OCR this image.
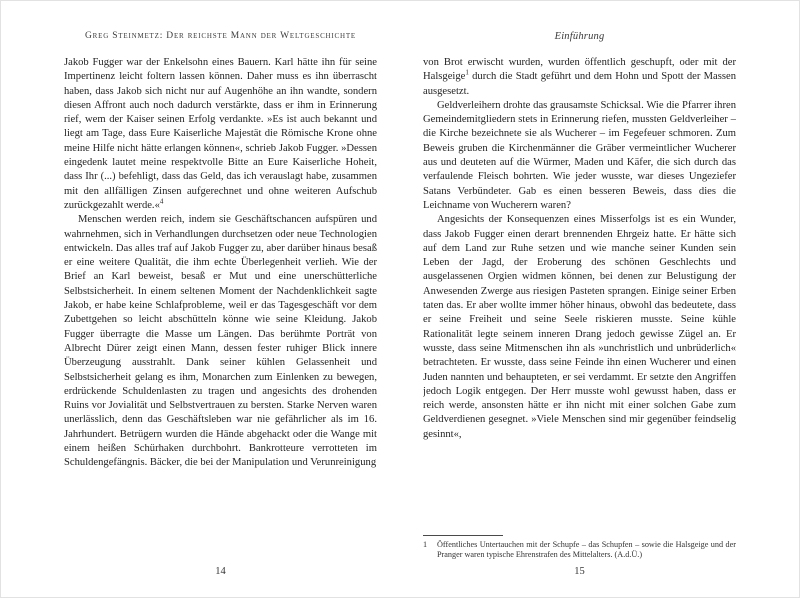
Greg Steinmetz: Der reichste Mann der Weltgeschichte

Jakob Fugger war der Enkelsohn eines Bauern. Karl hätte ihn für seine Impertinenz leicht foltern lassen können. Daher muss es ihn überrascht haben, dass Jakob sich nicht nur auf Augenhöhe an ihn wandte, sondern diesen Affront auch noch dadurch verstärkte, dass er ihm in Erinnerung rief, wem der Kaiser seinen Erfolg verdankte. »Es ist auch bekannt und liegt am Tage, dass Eure Kaiserliche Majestät die Römische Krone ohne meine Hilfe nicht hätte erlangen können«, schrieb Jakob Fugger. »Dessen eingedenk lautet meine respektvolle Bitte an Eure Kaiserliche Hoheit, dass Ihr (...) befehligt, dass das Geld, das ich verauslagt habe, zusammen mit den allfälligen Zinsen aufgerechnet und ohne weiteren Aufschub zurückgezahlt werde.«$^4$

Menschen werden reich, indem sie Geschäftschancen aufspüren und wahrnehmen, sich in Verhandlungen durchsetzen oder neue Technologien entwickeln. Das alles traf auf Jakob Fugger zu, aber darüber hinaus besaß er eine weitere Qualität, die ihm echte Überlegenheit verlieh. Wie der Brief an Karl beweist, besaß er Mut und eine unerschütterliche Selbstsicherheit. In einem seltenen Moment der Nachdenklichkeit sagte Jakob, er habe keine Schlafprobleme, weil er das Tagesgeschäft vor dem Zubettgehen so leicht abschütteln könne wie seine Kleidung. Jakob Fugger überragte die Masse um Längen. Das berühmte Porträt von Albrecht Dürer zeigt einen Mann, dessen fester ruhiger Blick innere Überzeugung ausstrahlt. Dank seiner kühlen Gelassenheit und Selbstsicherheit gelang es ihm, Monarchen zum Einlenken zu bewegen, erdrückende Schuldenlasten zu tragen und angesichts des drohenden Ruins vor Jovialität und Selbstvertrauen zu bersten. Starke Nerven waren unerlässlich, denn das Geschäftsleben war nie gefährlicher als im 16. Jahrhundert. Betrügern wurden die Hände abgehackt oder die Wange mit einem heißen Schürhaken durchbohrt. Bankrotteure verrotteten im Schuldengefängnis. Bäcker, die bei der Manipulation und Verunreinigung

14
Einführung

von Brot erwischt wurden, wurden öffentlich geschupft, oder mit der Halsgeige$^1$ durch die Stadt geführt und dem Hohn und Spott der Massen ausgesetzt.

Geldverleihern drohte das grausamste Schicksal. Wie die Pfarrer ihren Gemeindemitgliedern stets in Erinnerung riefen, mussten Geldverleiher – die Kirche bezeichnete sie als Wucherer – im Fegefeuer schmoren. Zum Beweis gruben die Kirchenmänner die Gräber vermeintlicher Wucherer aus und deuteten auf die Würmer, Maden und Käfer, die sich durch das verfaulende Fleisch bohrten. Wie jeder wusste, war dieses Ungeziefer Satans Verbündeter. Gab es einen besseren Beweis, dass dies die Leichname von Wucherern waren?

Angesichts der Konsequenzen eines Misserfolgs ist es ein Wunder, dass Jakob Fugger einen derart brennenden Ehrgeiz hatte. Er hätte sich auf dem Land zur Ruhe setzen und wie manche seiner Kunden sein Leben der Jagd, der Eroberung des schönen Geschlechts und ausgelassenen Orgien widmen können, bei denen zur Belustigung der Anwesenden Zwerge aus riesigen Pasteten sprangen. Einige seiner Erben taten das. Er aber wollte immer höher hinaus, obwohl das bedeutete, dass er seine Freiheit und seine Seele riskieren musste. Seine kühle Rationalität legte seinem inneren Drang jedoch gewisse Zügel an. Er wusste, dass seine Mitmenschen ihn als »unchristlich und unbrüderlich« betrachteten. Er wusste, dass seine Feinde ihn einen Wucherer und einen Juden nannten und behaupteten, er sei verdammt. Er setzte den Angriffen jedoch Logik entgegen. Der Herr musste wohl gewusst haben, dass er reich werde, ansonsten hätte er ihn nicht mit einer solchen Gabe zum Geldverdienen gesegnet. »Viele Menschen sind mir gegenüber feindselig gesinnt«,

1	Öffentliches Untertauchen mit der Schupfe – das Schupfen – sowie die Halsgeige und der Pranger waren typische Ehrenstrafen des Mittelalters. (A.d.Ü.)
15
